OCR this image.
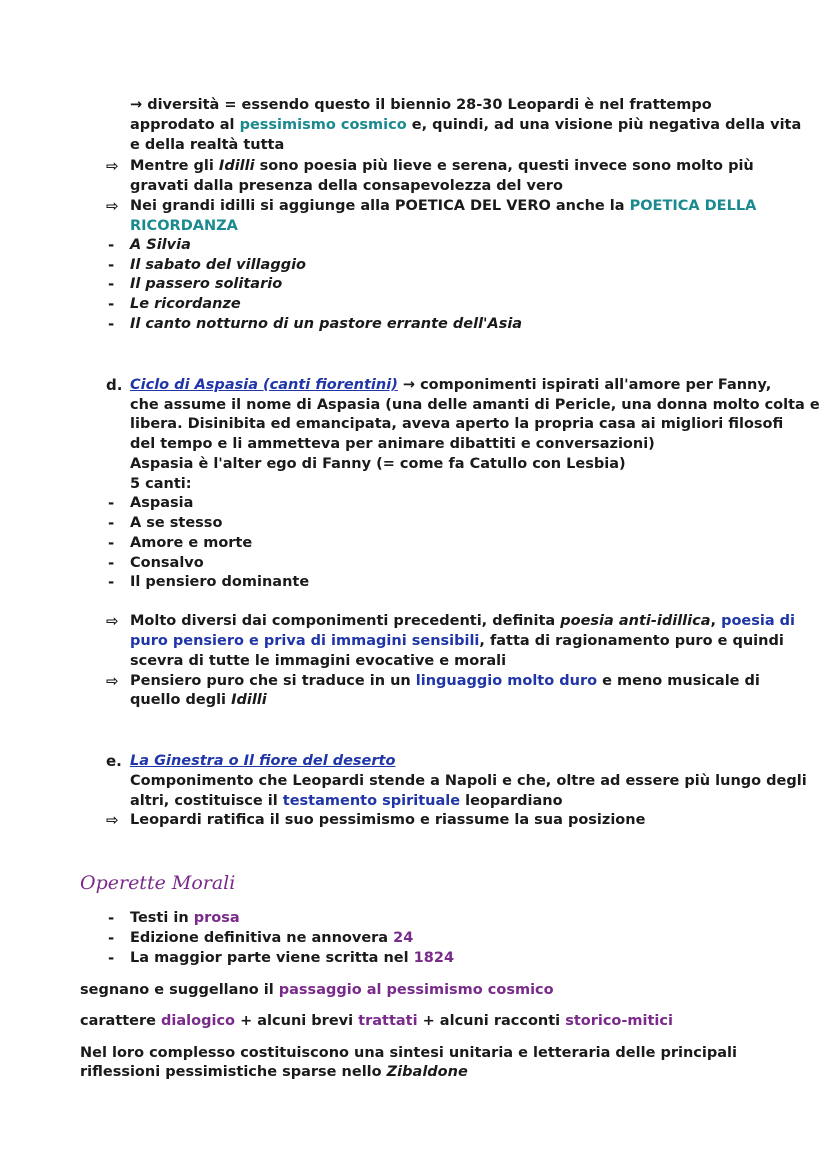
→ diversità = essendo questo il biennio 28-30 Leopardi è nel frattempo
approdato al pessimismo cosmico e, quindi, ad una visione più negativa della vita
e della realtà tutta
⇨ Mentre gli Idilli sono poesia più lieve e serena, questi invece sono molto più
gravati dalla presenza della consapevolezza del vero
⇨ Nei grandi idilli si aggiunge alla POETICA DEL VERO anche la POETICA DELLA
RICORDANZA
- A Silvia
- Il sabato del villaggio
- Il passero solitario
- Le ricordanze
- Il canto notturno di un pastore errante dell'Asia
d. Ciclo di Aspasia (canti fiorentini) → componimenti ispirati all'amore per Fanny,
che assume il nome di Aspasia (una delle amanti di Pericle, una donna molto colta e
libera. Disinibita ed emancipata, aveva aperto la propria casa ai migliori filosofi
del tempo e li ammetteva per animare dibattiti e conversazioni)
Aspasia è l'alter ego di Fanny (= come fa Catullo con Lesbia)
5 canti:
- Aspasia
- A se stesso
- Amore e morte
- Consalvo
- Il pensiero dominante
⇨ Molto diversi dai componimenti precedenti, definita poesia anti-idillica, poesia di
puro pensiero e priva di immagini sensibili, fatta di ragionamento puro e quindi
scevra di tutte le immagini evocative e morali
⇨ Pensiero puro che si traduce in un linguaggio molto duro e meno musicale di
quello degli Idilli
e. La Ginestra o Il fiore del deserto
Componimento che Leopardi stende a Napoli e che, oltre ad essere più lungo degli
altri, costituisce il testamento spirituale leopardiano
⇨ Leopardi ratifica il suo pessimismo e riassume la sua posizione
Operette Morali
- Testi in prosa
- Edizione definitiva ne annovera 24
- La maggior parte viene scritta nel 1824
segnano e suggellano il passaggio al pessimismo cosmico
carattere dialogico + alcuni brevi trattati + alcuni racconti storico-mitici
Nel loro complesso costituiscono una sintesi unitaria e letteraria delle principali
riflessioni pessimistiche sparse nello Zibaldone
